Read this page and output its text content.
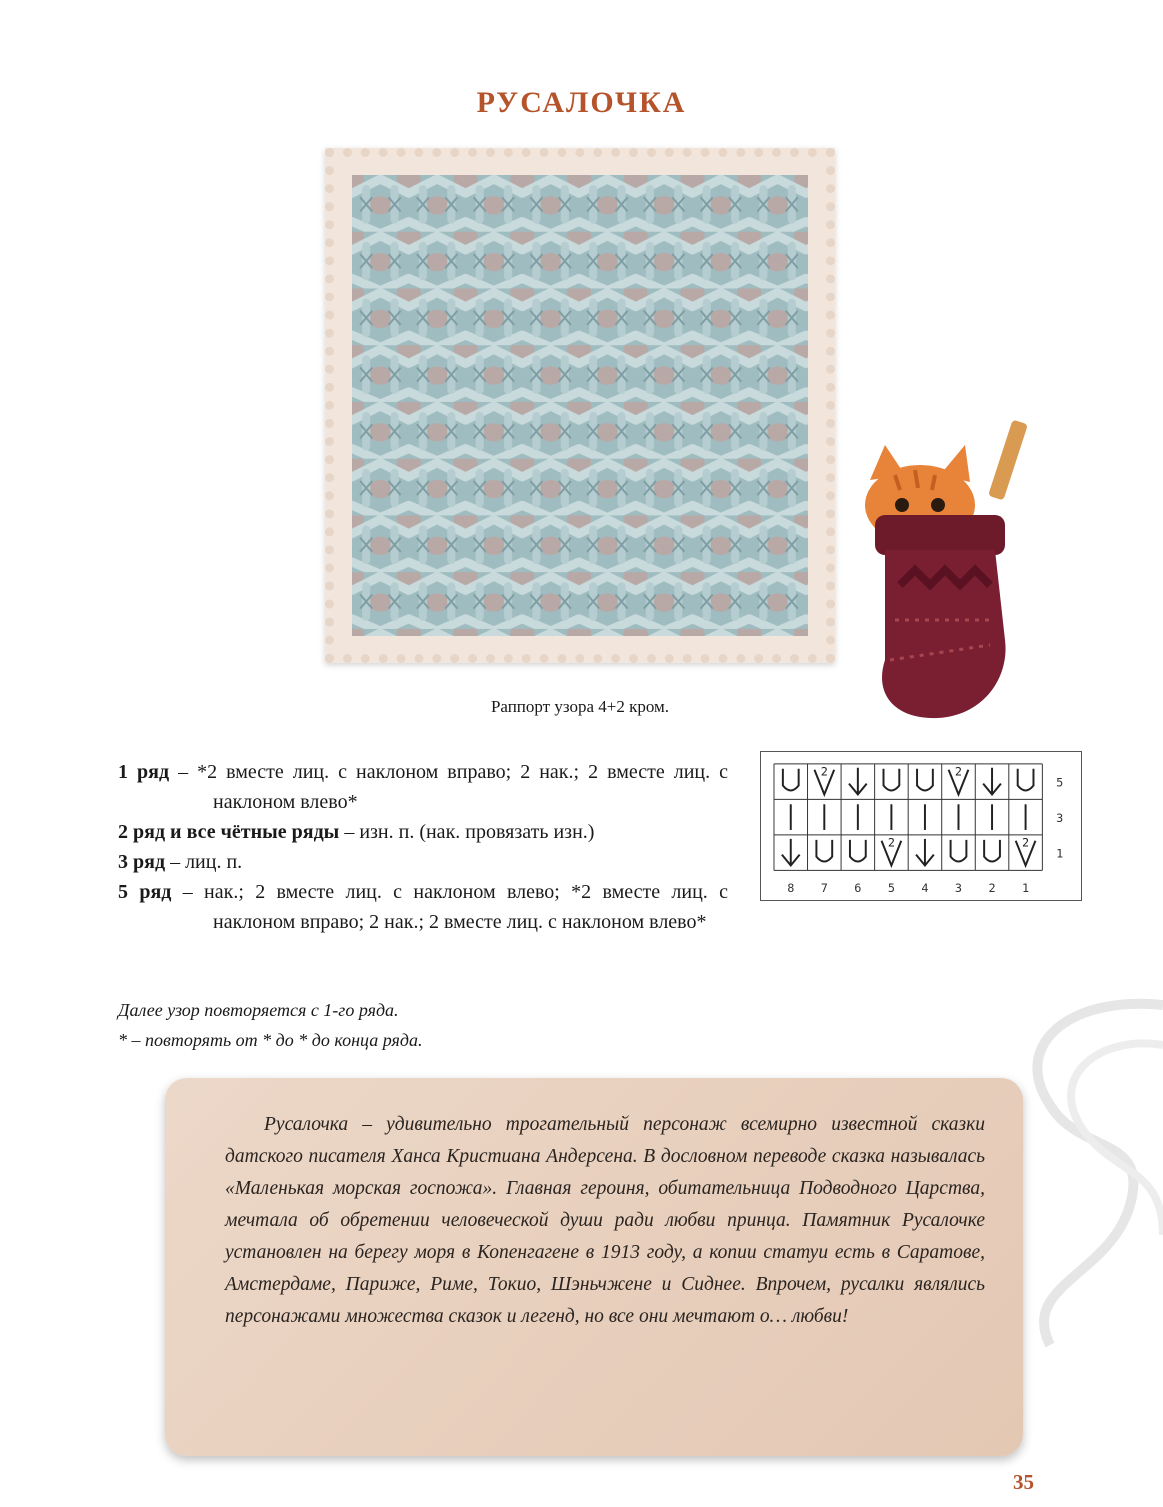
РУСАЛОЧКА
Раппорт узора 4+2 кром.
1 ряд – *2 вместе лиц. с наклоном вправо; 2 нак.; 2 вместе лиц. с наклоном влево*
2 ряд и все чётные ряды – изн. п. (нак. провязать изн.)
3 ряд – лиц. п.
5 ряд – нак.; 2 вместе лиц. с наклоном влево; *2 вместе лиц. с наклоном вправо; 2 нак.; 2 вместе лиц. с наклоном влево*
Далее узор повторяется с 1-го ряда.
* – повторять от * до * до конца ряда.
2	2
2	2
5
3
1
8 7 6 5 4 3 2 1
Русалочка – удивительно трогательный персонаж всемирно известной сказки датского писателя Ханса Кристиана Андерсена. В дословном переводе сказка называлась «Маленькая морская госпожа». Главная героиня, обитательница Подводного Царства, мечтала об обретении человеческой души ради любви принца. Памятник Русалочке установлен на берегу моря в Копенгагене в 1913 году, а копии статуи есть в Саратове, Амстердаме, Париже, Риме, Токио, Шэньчжене и Сиднее. Впрочем, русалки являлись персонажами множества сказок и легенд, но все они мечтают о… любви!
35
